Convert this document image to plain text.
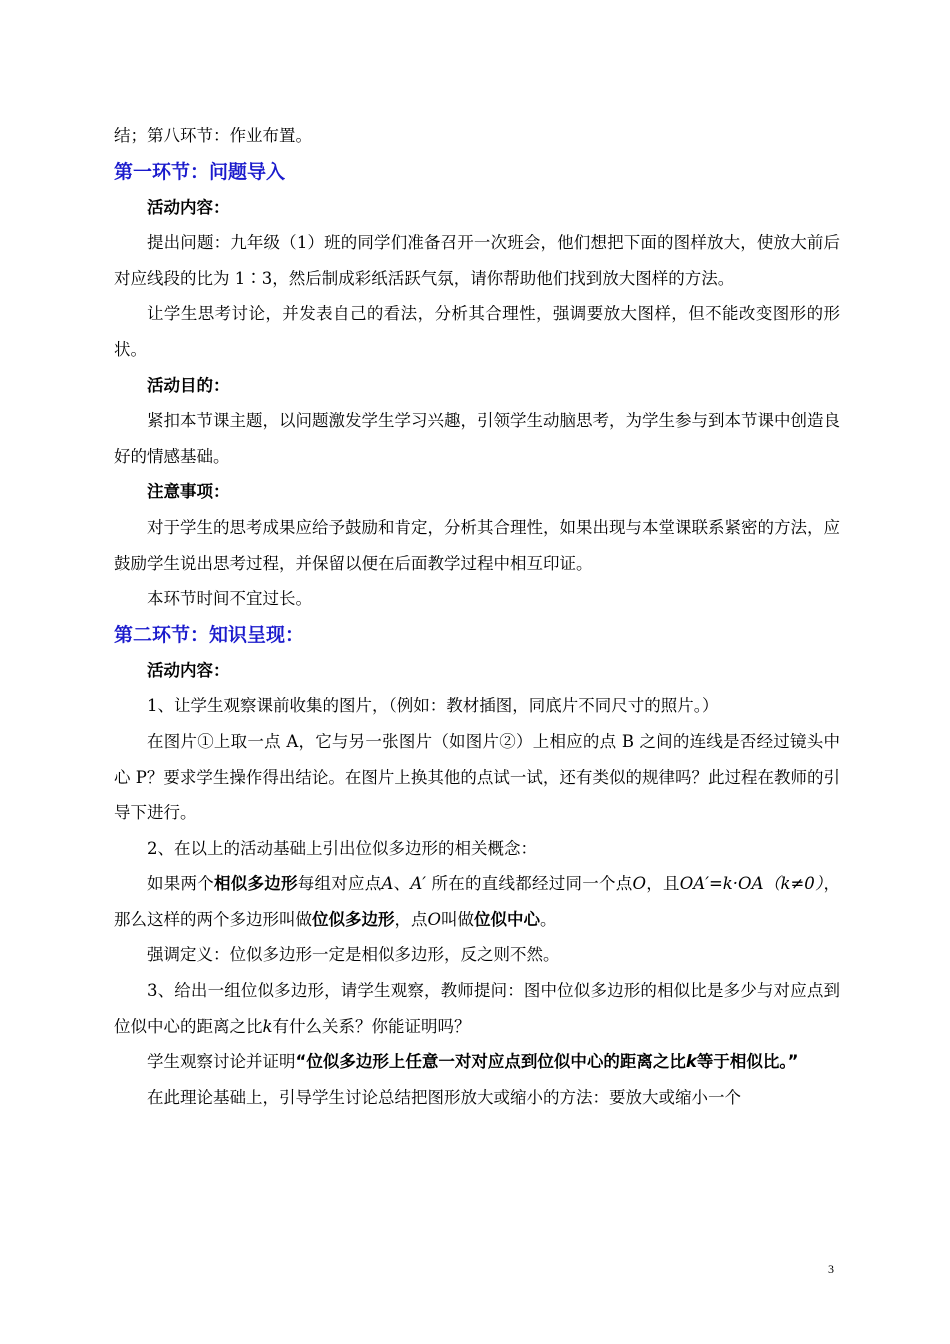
结；第八环节：作业布置。

第一环节：问题导入

活动内容：

提出问题：九年级（1）班的同学们准备召开一次班会，他们想把下面的图样放大，使放大前后对应线段的比为 1∶3，然后制成彩纸活跃气氛，请你帮助他们找到放大图样的方法。

让学生思考讨论，并发表自己的看法，分析其合理性，强调要放大图样，但不能改变图形的形状。

活动目的：

紧扣本节课主题，以问题激发学生学习兴趣，引领学生动脑思考，为学生参与到本节课中创造良好的情感基础。

注意事项：

对于学生的思考成果应给予鼓励和肯定，分析其合理性，如果出现与本堂课联系紧密的方法，应鼓励学生说出思考过程，并保留以便在后面教学过程中相互印证。

本环节时间不宜过长。

第二环节：知识呈现：

活动内容：

1、让学生观察课前收集的图片，（例如：教材插图，同底片不同尺寸的照片。）

在图片①上取一点 A，它与另一张图片（如图片②）上相应的点 B 之间的连线是否经过镜头中心 P？要求学生操作得出结论。在图片上换其他的点试一试，还有类似的规律吗？此过程在教师的引导下进行。

2、在以上的活动基础上引出位似多边形的相关概念：

如果两个相似多边形每组对应点A、A′ 所在的直线都经过同一个点O，且OA′=k·OA（k≠0），那么这样的两个多边形叫做位似多边形，点O叫做位似中心。

强调定义：位似多边形一定是相似多边形，反之则不然。

3、给出一组位似多边形，请学生观察，教师提问：图中位似多边形的相似比是多少与对应点到位似中心的距离之比k有什么关系？你能证明吗？

学生观察讨论并证明“位似多边形上任意一对对应点到位似中心的距离之比k等于相似比。”

在此理论基础上，引导学生讨论总结把图形放大或缩小的方法：要放大或缩小一个

3
